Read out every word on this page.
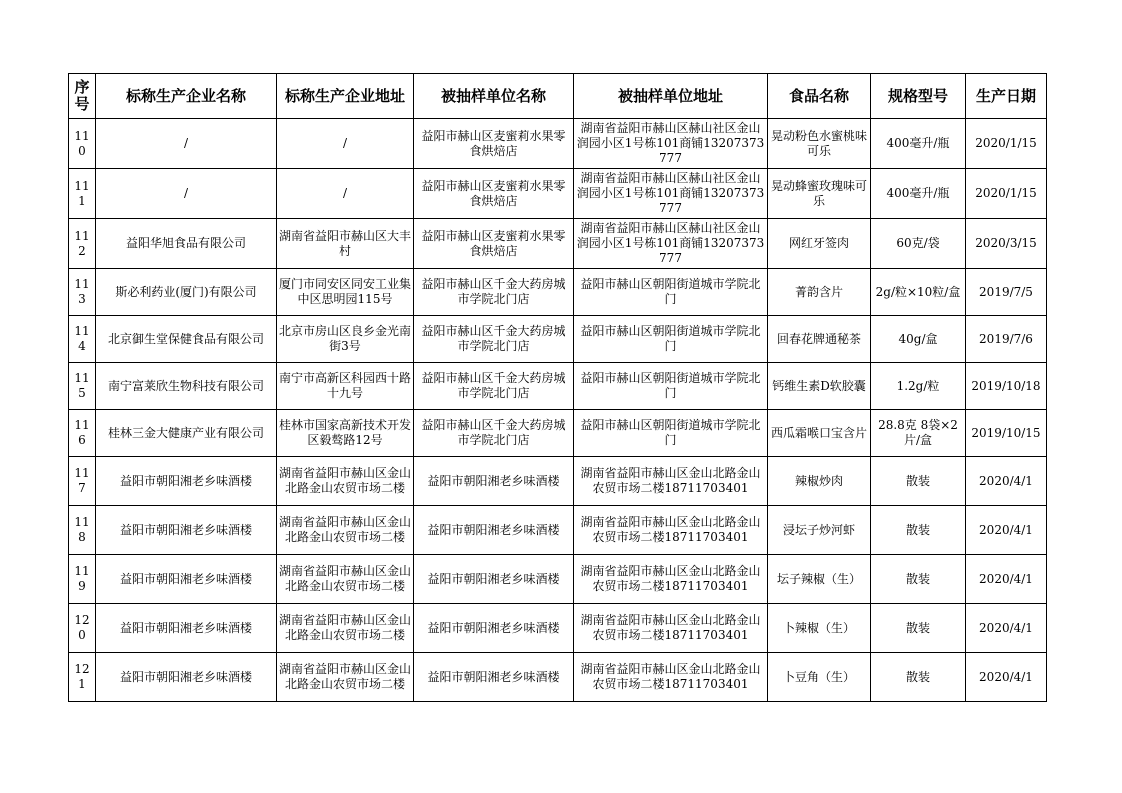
序号	标称生产企业名称	标称生产企业地址	被抽样单位名称	被抽样单位地址	食品名称	规格型号	生产日期
110	/	/	益阳市赫山区麦蜜莉水果零食烘焙店	湖南省益阳市赫山区赫山社区金山润园小区1号栋101商铺13207373777	晃动粉色水蜜桃味可乐	400毫升/瓶	2020/1/15
111	/	/	益阳市赫山区麦蜜莉水果零食烘焙店	湖南省益阳市赫山区赫山社区金山润园小区1号栋101商铺13207373777	晃动蜂蜜玫瑰味可乐	400毫升/瓶	2020/1/15
112	益阳华旭食品有限公司	湖南省益阳市赫山区大丰村	益阳市赫山区麦蜜莉水果零食烘焙店	湖南省益阳市赫山区赫山社区金山润园小区1号栋101商铺13207373777	网红牙签肉	60克/袋	2020/3/15
113	斯必利药业(厦门)有限公司	厦门市同安区同安工业集中区思明园115号	益阳市赫山区千金大药房城市学院北门店	益阳市赫山区朝阳街道城市学院北门	菁韵含片	2g/粒×10粒/盒	2019/7/5
114	北京御生堂保健食品有限公司	北京市房山区良乡金光南街3号	益阳市赫山区千金大药房城市学院北门店	益阳市赫山区朝阳街道城市学院北门	回春花牌通秘茶	40g/盒	2019/7/6
115	南宁富莱欣生物科技有限公司	南宁市高新区科园西十路十九号	益阳市赫山区千金大药房城市学院北门店	益阳市赫山区朝阳街道城市学院北门	钙维生素D软胶囊	1.2g/粒	2019/10/18
116	桂林三金大健康产业有限公司	桂林市国家高新技术开发区毅骜路12号	益阳市赫山区千金大药房城市学院北门店	益阳市赫山区朝阳街道城市学院北门	西瓜霜喉口宝含片	28.8克 8袋×2片/盒	2019/10/15
117	益阳市朝阳湘老乡味酒楼	湖南省益阳市赫山区金山北路金山农贸市场二楼	益阳市朝阳湘老乡味酒楼	湖南省益阳市赫山区金山北路金山农贸市场二楼18711703401	辣椒炒肉	散装	2020/4/1
118	益阳市朝阳湘老乡味酒楼	湖南省益阳市赫山区金山北路金山农贸市场二楼	益阳市朝阳湘老乡味酒楼	湖南省益阳市赫山区金山北路金山农贸市场二楼18711703401	浸坛子炒河虾	散装	2020/4/1
119	益阳市朝阳湘老乡味酒楼	湖南省益阳市赫山区金山北路金山农贸市场二楼	益阳市朝阳湘老乡味酒楼	湖南省益阳市赫山区金山北路金山农贸市场二楼18711703401	坛子辣椒（生）	散装	2020/4/1
120	益阳市朝阳湘老乡味酒楼	湖南省益阳市赫山区金山北路金山农贸市场二楼	益阳市朝阳湘老乡味酒楼	湖南省益阳市赫山区金山北路金山农贸市场二楼18711703401	卜辣椒（生）	散装	2020/4/1
121	益阳市朝阳湘老乡味酒楼	湖南省益阳市赫山区金山北路金山农贸市场二楼	益阳市朝阳湘老乡味酒楼	湖南省益阳市赫山区金山北路金山农贸市场二楼18711703401	卜豆角（生）	散装	2020/4/1
